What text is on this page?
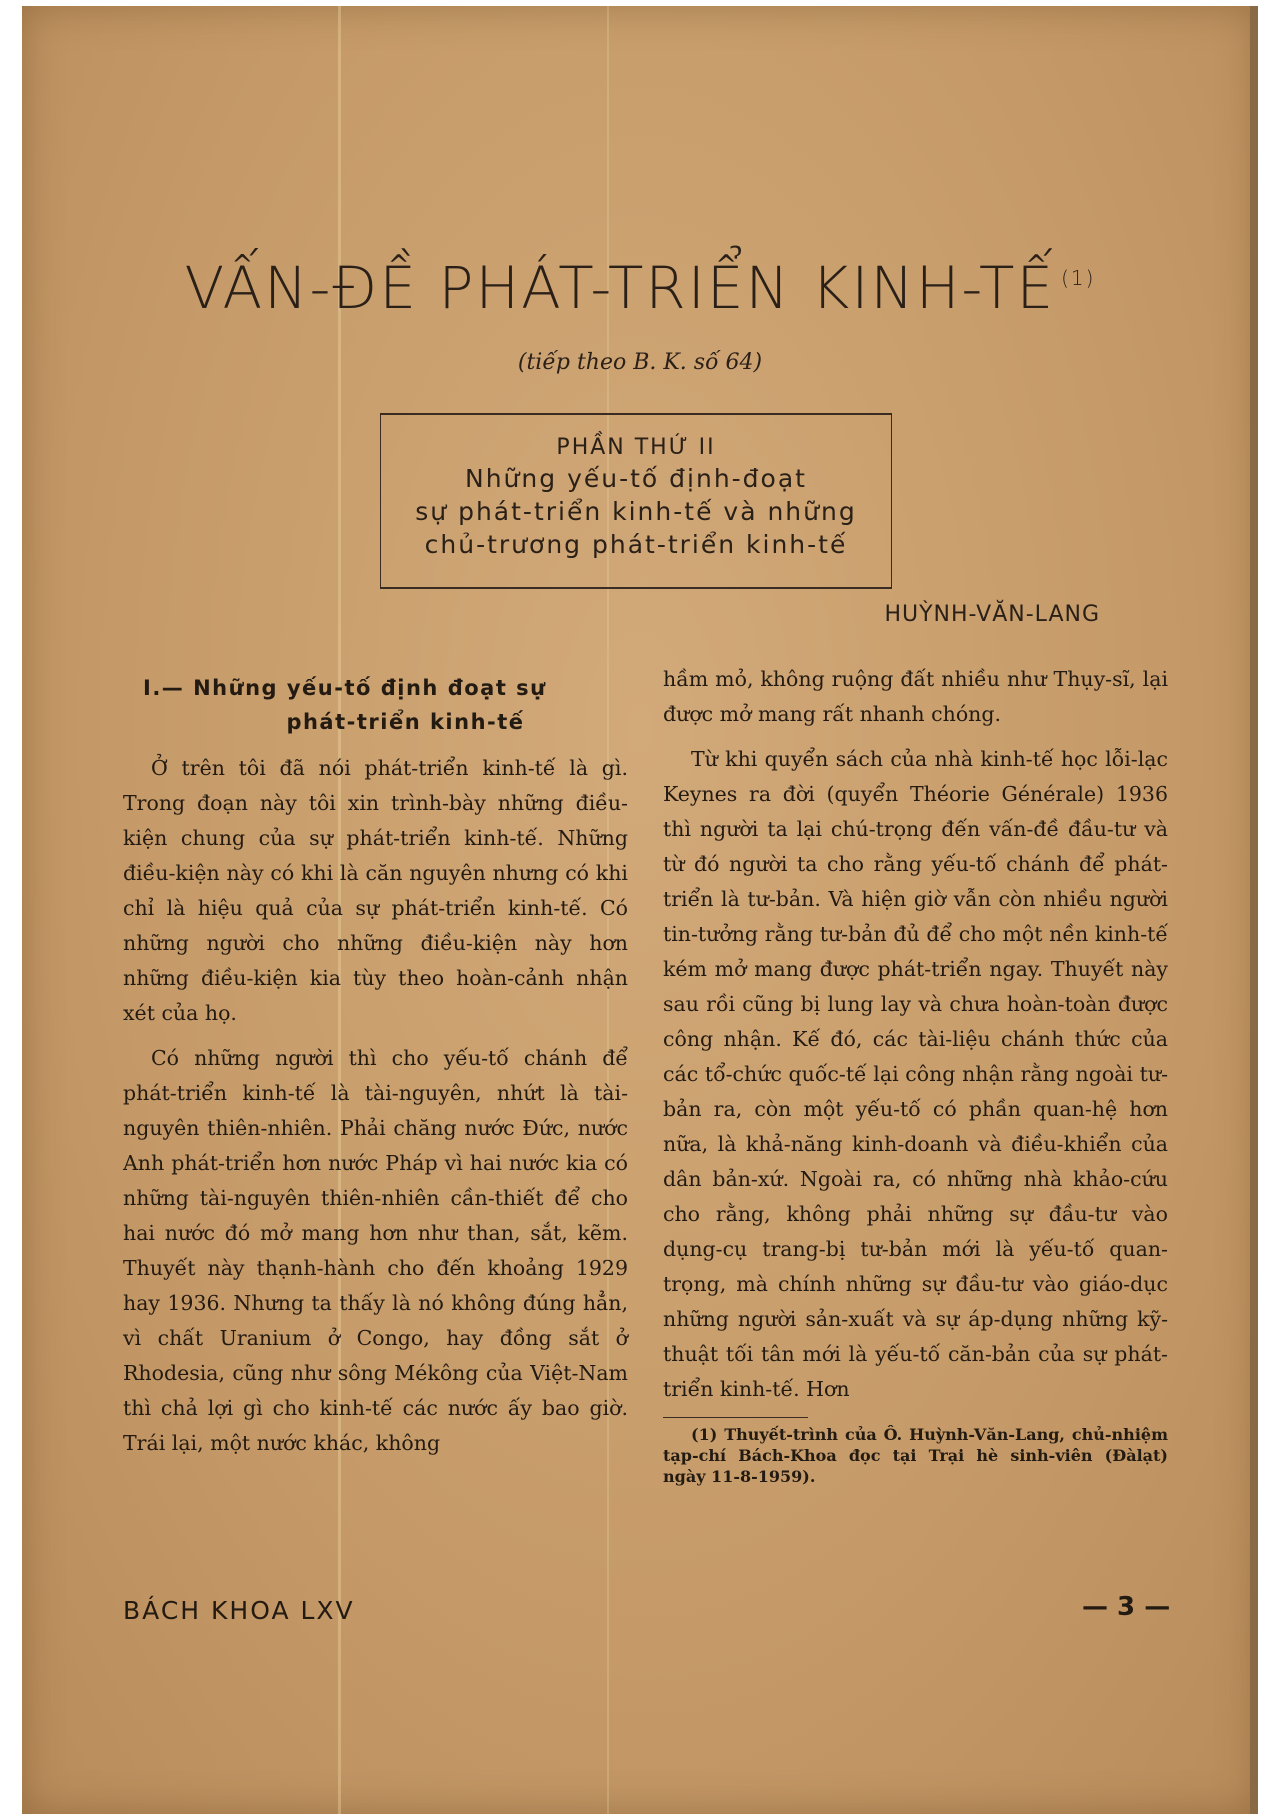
VẤN-ĐỀ PHÁT-TRIỂN KINH-TẾ $^{(1)}$
(tiếp theo B. K. số 64)
PHẦN THỨ II
Những yếu-tố định-đoạt
sự phát-triển kinh-tế và những
chủ-trương phát-triển kinh-tế
HUỲNH-VĂN-LANG

I.— Những yếu-tố định đoạt sự
phát-triển kinh-tế

Ở trên tôi đã nói phát-triển kinh-tế là gì. Trong đoạn này tôi xin trình-bày những điều-kiện chung của sự phát-triển kinh-tế. Những điều-kiện này có khi là căn nguyên nhưng có khi chỉ là hiệu quả của sự phát-triển kinh-tế. Có những người cho những điều-kiện này hơn những điều-kiện kia tùy theo hoàn-cảnh nhận xét của họ.

Có những người thì cho yếu-tố chánh để phát-triển kinh-tế là tài-nguyên, nhứt là tài-nguyên thiên-nhiên. Phải chăng nước Đức, nước Anh phát-triển hơn nước Pháp vì hai nước kia có những tài-nguyên thiên-nhiên cần-thiết để cho hai nước đó mở mang hơn như than, sắt, kẽm. Thuyết này thạnh-hành cho đến khoảng 1929 hay 1936. Nhưng ta thấy là nó không đúng hẳn, vì chất Uranium ở Congo, hay đồng sắt ở Rhodesia, cũng như sông Mékông của Việt-Nam thì chả lợi gì cho kinh-tế các nước ấy bao giờ. Trái lại, một nước khác, không

hầm mỏ, không ruộng đất nhiều như Thụy-sĩ, lại được mở mang rất nhanh chóng.

Từ khi quyển sách của nhà kinh-tế học lỗi-lạc Keynes ra đời (quyển Théorie Générale) 1936 thì người ta lại chú-trọng đến vấn-đề đầu-tư và từ đó người ta cho rằng yếu-tố chánh để phát-triển là tư-bản. Và hiện giờ vẫn còn nhiều người tin-tưởng rằng tư-bản đủ để cho một nền kinh-tế kém mở mang được phát-triển ngay. Thuyết này sau rồi cũng bị lung lay và chưa hoàn-toàn được công nhận. Kế đó, các tài-liệu chánh thức của các tổ-chức quốc-tế lại công nhận rằng ngoài tư-bản ra, còn một yếu-tố có phần quan-hệ hơn nữa, là khả-năng kinh-doanh và điều-khiển của dân bản-xứ. Ngoài ra, có những nhà khảo-cứu cho rằng, không phải những sự đầu-tư vào dụng-cụ trang-bị tư-bản mới là yếu-tố quan-trọng, mà chính những sự đầu-tư vào giáo-dục những người sản-xuất và sự áp-dụng những kỹ-thuật tối tân mới là yếu-tố căn-bản của sự phát-triển kinh-tế. Hơn

(1) Thuyết-trình của Ô. Huỳnh-Văn-Lang, chủ-nhiệm tạp-chí Bách-Khoa đọc tại Trại hè sinh-viên (Đàlạt) ngày 11-8-1959).

BÁCH KHOA LXV	— 3 —
